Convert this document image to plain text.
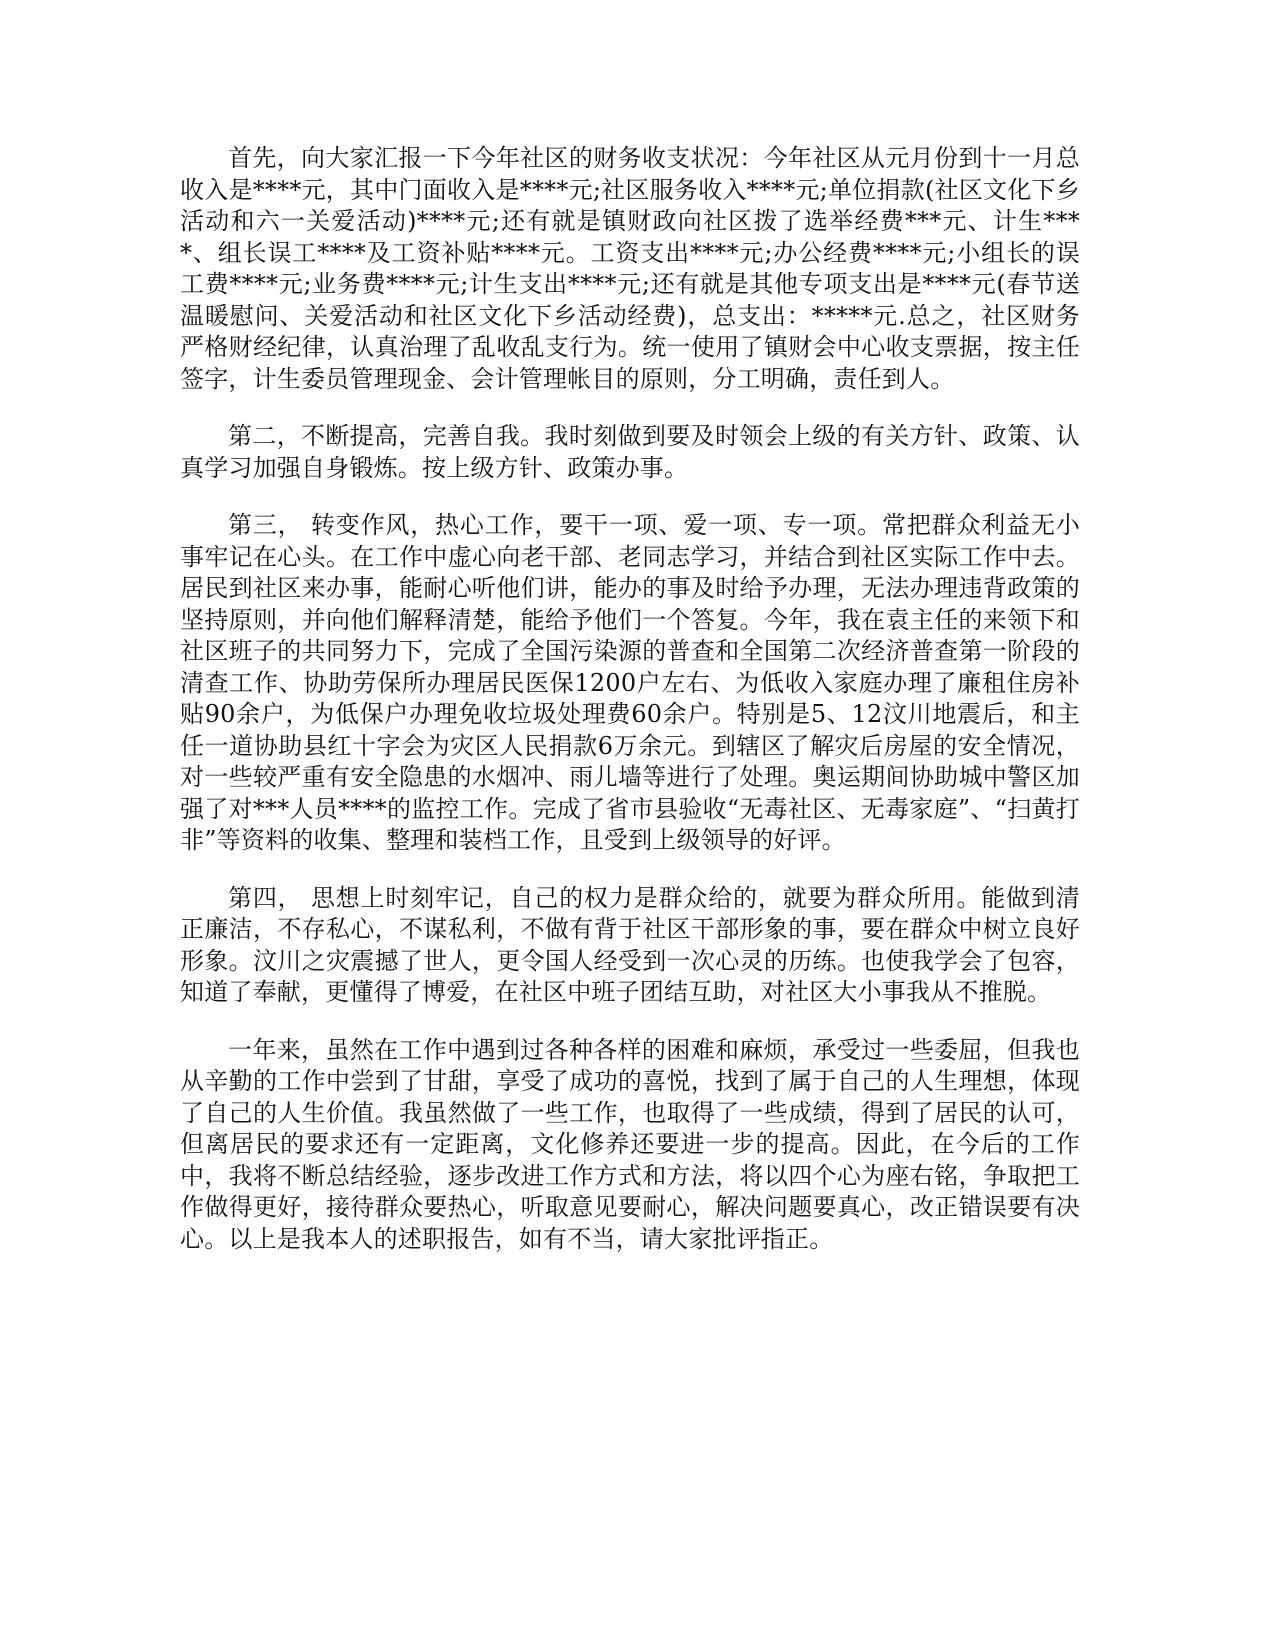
首先，向大家汇报一下今年社区的财务收支状况：今年社区从元月份到十一月总收入是****元，其中门面收入是****元;社区服务收入****元;单位捐款(社区文化下乡活动和六一关爱活动)****元;还有就是镇财政向社区拨了选举经费***元、计生****、组长误工****及工资补贴****元。工资支出****元;办公经费****元;小组长的误工费****元;业务费****元;计生支出****元;还有就是其他专项支出是****元(春节送温暖慰问、关爱活动和社区文化下乡活动经费)，总支出：*****元.总之，社区财务严格财经纪律，认真治理了乱收乱支行为。统一使用了镇财会中心收支票据，按主任签字，计生委员管理现金、会计管理帐目的原则，分工明确，责任到人。

第二，不断提高，完善自我。我时刻做到要及时领会上级的有关方针、政策、认真学习加强自身锻炼。按上级方针、政策办事。

第三， 转变作风，热心工作，要干一项、爱一项、专一项。常把群众利益无小事牢记在心头。在工作中虚心向老干部、老同志学习，并结合到社区实际工作中去。居民到社区来办事，能耐心听他们讲，能办的事及时给予办理，无法办理违背政策的坚持原则，并向他们解释清楚，能给予他们一个答复。今年，我在袁主任的来领下和社区班子的共同努力下，完成了全国污染源的普查和全国第二次经济普查第一阶段的清查工作、协助劳保所办理居民医保1200户左右、为低收入家庭办理了廉租住房补贴90余户，为低保户办理免收垃圾处理费60余户。特别是5、12汶川地震后，和主任一道协助县红十字会为灾区人民捐款6万余元。到辖区了解灾后房屋的安全情况，对一些较严重有安全隐患的水烟冲、雨儿墙等进行了处理。奥运期间协助城中警区加强了对***人员****的监控工作。完成了省市县验收“无毒社区、无毒家庭”、“扫黄打非”等资料的收集、整理和装档工作，且受到上级领导的好评。

第四， 思想上时刻牢记，自己的权力是群众给的，就要为群众所用。能做到清正廉洁，不存私心，不谋私利，不做有背于社区干部形象的事，要在群众中树立良好形象。汶川之灾震撼了世人，更令国人经受到一次心灵的历练。也使我学会了包容，知道了奉献，更懂得了博爱，在社区中班子团结互助，对社区大小事我从不推脱。

一年来，虽然在工作中遇到过各种各样的困难和麻烦，承受过一些委屈，但我也从辛勤的工作中尝到了甘甜，享受了成功的喜悦，找到了属于自己的人生理想，体现了自己的人生价值。我虽然做了一些工作，也取得了一些成绩，得到了居民的认可，但离居民的要求还有一定距离，文化修养还要进一步的提高。因此，在今后的工作中，我将不断总结经验，逐步改进工作方式和方法，将以四个心为座右铭，争取把工作做得更好，接待群众要热心，听取意见要耐心，解决问题要真心，改正错误要有决心。以上是我本人的述职报告，如有不当，请大家批评指正。
